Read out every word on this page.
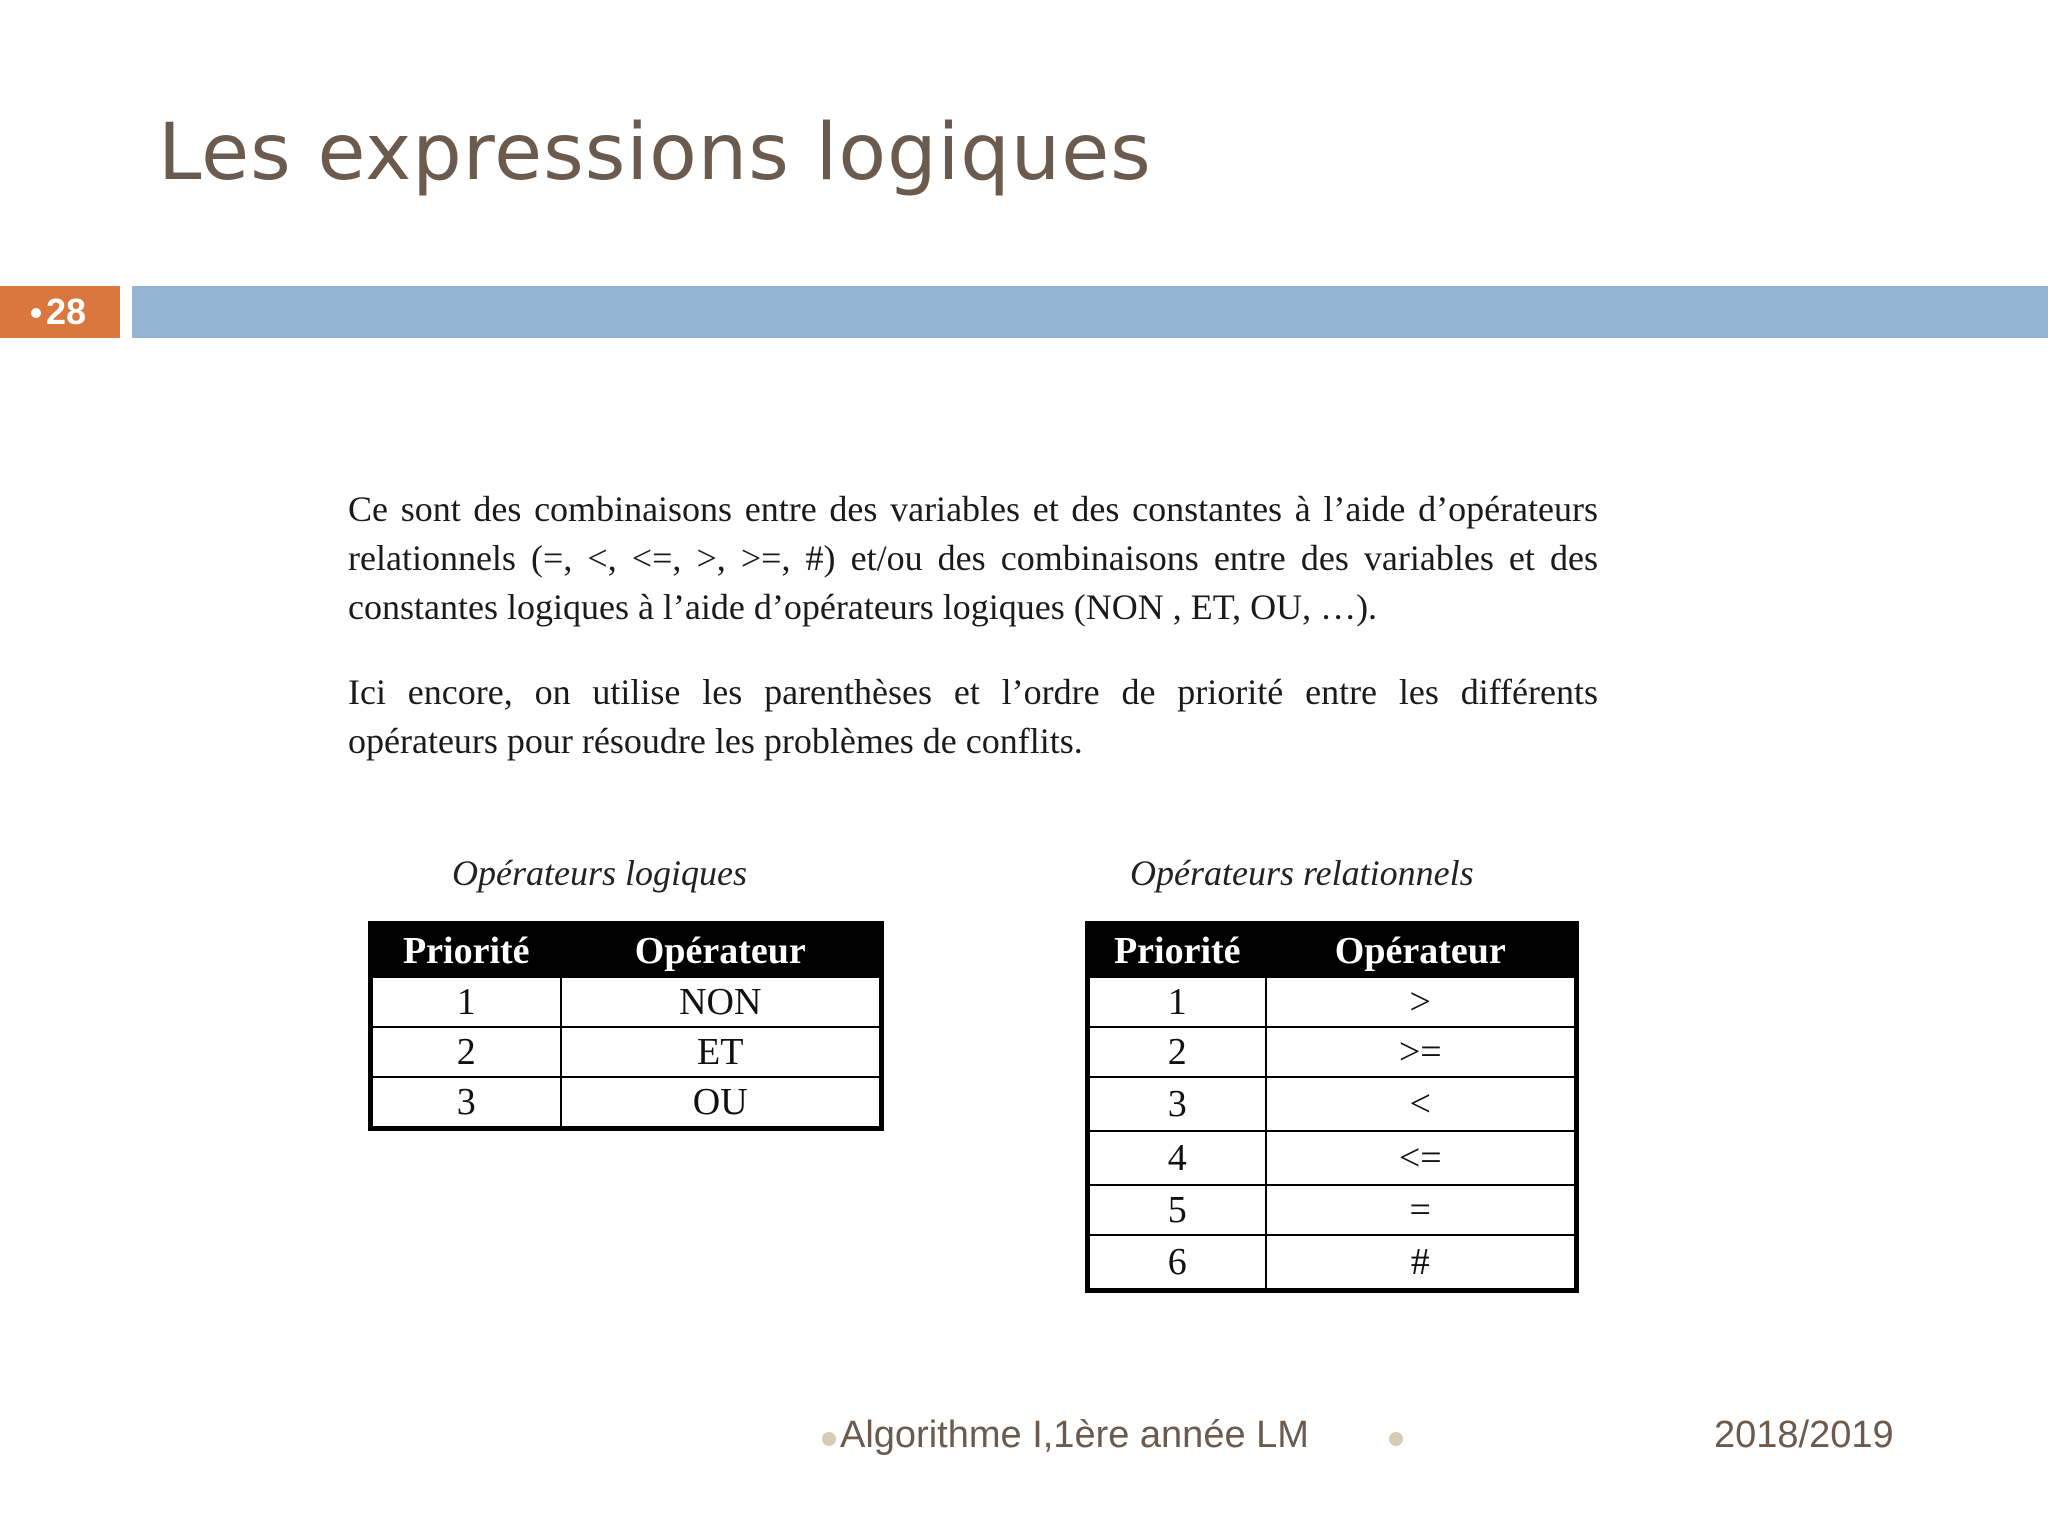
Les expressions logiques
28

Ce sont des combinaisons entre des variables et des constantes à l’aide d’opérateurs relationnels (=, <, <=, >, >=, #) et/ou des combinaisons entre des variables et des constantes logiques à l’aide d’opérateurs logiques (NON , ET, OU, …).

Ici encore, on utilise les parenthèses et l’ordre de priorité entre les différents opérateurs pour résoudre les problèmes de conflits.

Opérateurs logiques	Opérateurs relationnels
Priorité	Opérateur
1	NON
2	ET
3	OU
Priorité	Opérateur
1	>
2	>=
3	<
4	<=
5	=
6	#
Algorithme I,1ère année LM	2018/2019
